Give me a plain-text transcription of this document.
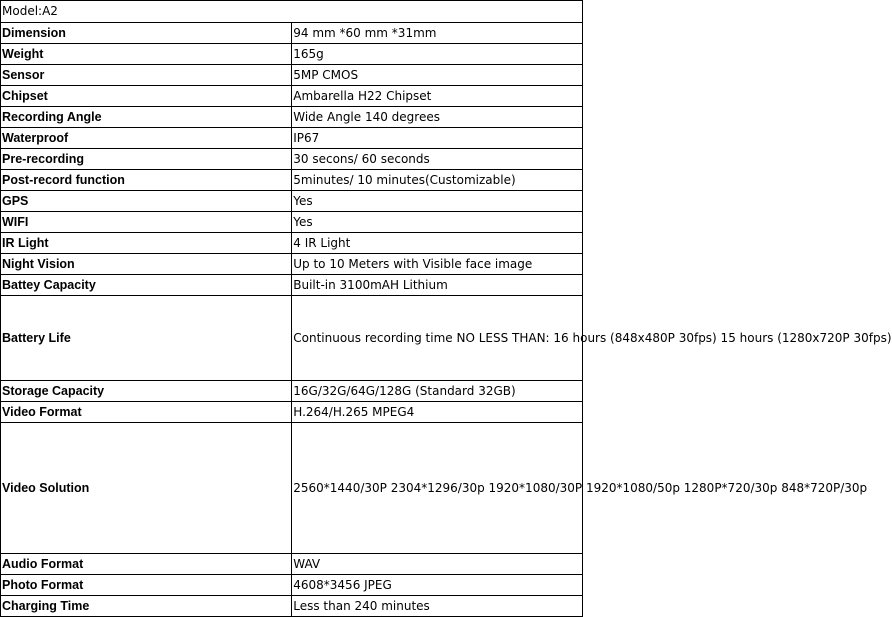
Model:A2	
Dimension	94 mm *60 mm *31mm
Weight	165g
Sensor	5MP CMOS
Chipset	Ambarella H22 Chipset
Recording Angle	Wide Angle 140 degrees
Waterproof	IP67
Pre-recording	30 secons/ 60 seconds
Post-record function	5minutes/ 10 minutes(Customizable)
GPS	Yes
WIFI	Yes
IR Light	4 IR Light
Night Vision	Up to 10 Meters with Visible face image
Battey Capacity	Built-in 3100mAH Lithium
Battery Life	Continuous recording time NO LESS THAN: 16 hours (848x480P 30fps) 15 hours (1280x720P 30fps)
Storage Capacity	16G/32G/64G/128G (Standard 32GB)
Video Format	H.264/H.265 MPEG4
Video Solution	2560*1440/30P 2304*1296/30p 1920*1080/30P 1920*1080/50p 1280P*720/30p 848*720P/30p
Audio Format	WAV
Photo Format	4608*3456 JPEG
Charging Time	Less than 240 minutes
